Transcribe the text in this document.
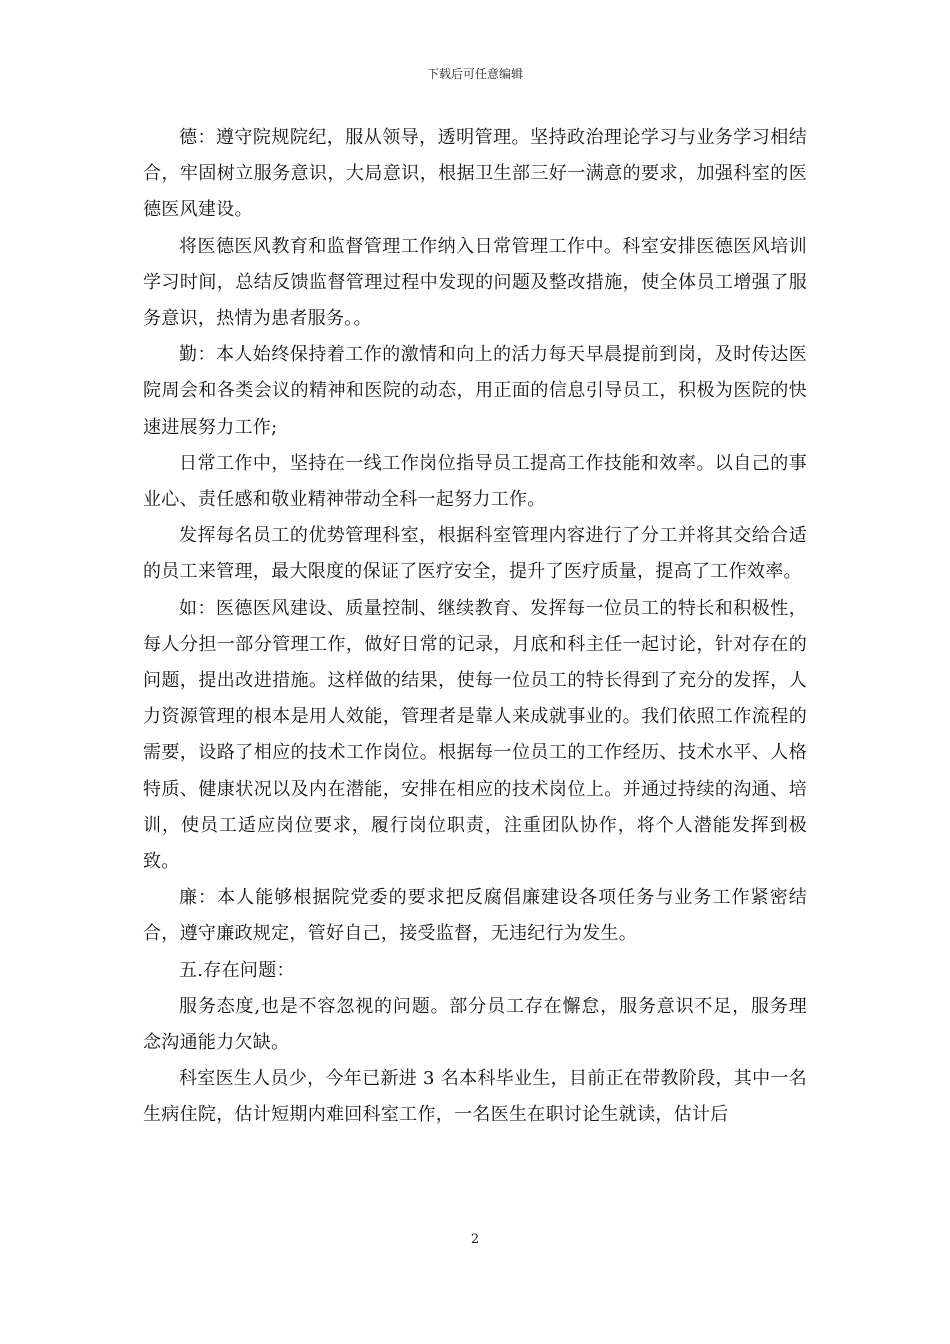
下载后可任意编辑

德：遵守院规院纪，服从领导，透明管理。坚持政治理论学习与业务学习相结合，牢固树立服务意识，大局意识，根据卫生部三好一满意的要求，加强科室的医德医风建设。

将医德医风教育和监督管理工作纳入日常管理工作中。科室安排医德医风培训学习时间，总结反馈监督管理过程中发现的问题及整改措施，使全体员工增强了服务意识，热情为患者服务。。

勤：本人始终保持着工作的激情和向上的活力每天早晨提前到岗，及时传达医院周会和各类会议的精神和医院的动态，用正面的信息引导员工，积极为医院的快速进展努力工作;

日常工作中，坚持在一线工作岗位指导员工提高工作技能和效率。以自己的事业心、责任感和敬业精神带动全科一起努力工作。

发挥每名员工的优势管理科室，根据科室管理内容进行了分工并将其交给合适的员工来管理，最大限度的保证了医疗安全，提升了医疗质量，提高了工作效率。

如：医德医风建设、质量控制、继续教育、发挥每一位员工的特长和积极性，每人分担一部分管理工作，做好日常的记录，月底和科主任一起讨论，针对存在的问题，提出改进措施。这样做的结果，使每一位员工的特长得到了充分的发挥，人力资源管理的根本是用人效能，管理者是靠人来成就事业的。我们依照工作流程的需要，设路了相应的技术工作岗位。根据每一位员工的工作经历、技术水平、人格特质、健康状况以及内在潜能，安排在相应的技术岗位上。并通过持续的沟通、培训，使员工适应岗位要求，履行岗位职责，注重团队协作，将个人潜能发挥到极致。

廉：本人能够根据院党委的要求把反腐倡廉建设各项任务与业务工作紧密结合，遵守廉政规定，管好自己，接受监督，无违纪行为发生。

五.存在问题：

服务态度,也是不容忽视的问题。部分员工存在懈怠，服务意识不足，服务理念沟通能力欠缺。

科室医生人员少，今年已新进 3 名本科毕业生，目前正在带教阶段，其中一名生病住院，估计短期内难回科室工作，一名医生在职讨论生就读，估计后

2
